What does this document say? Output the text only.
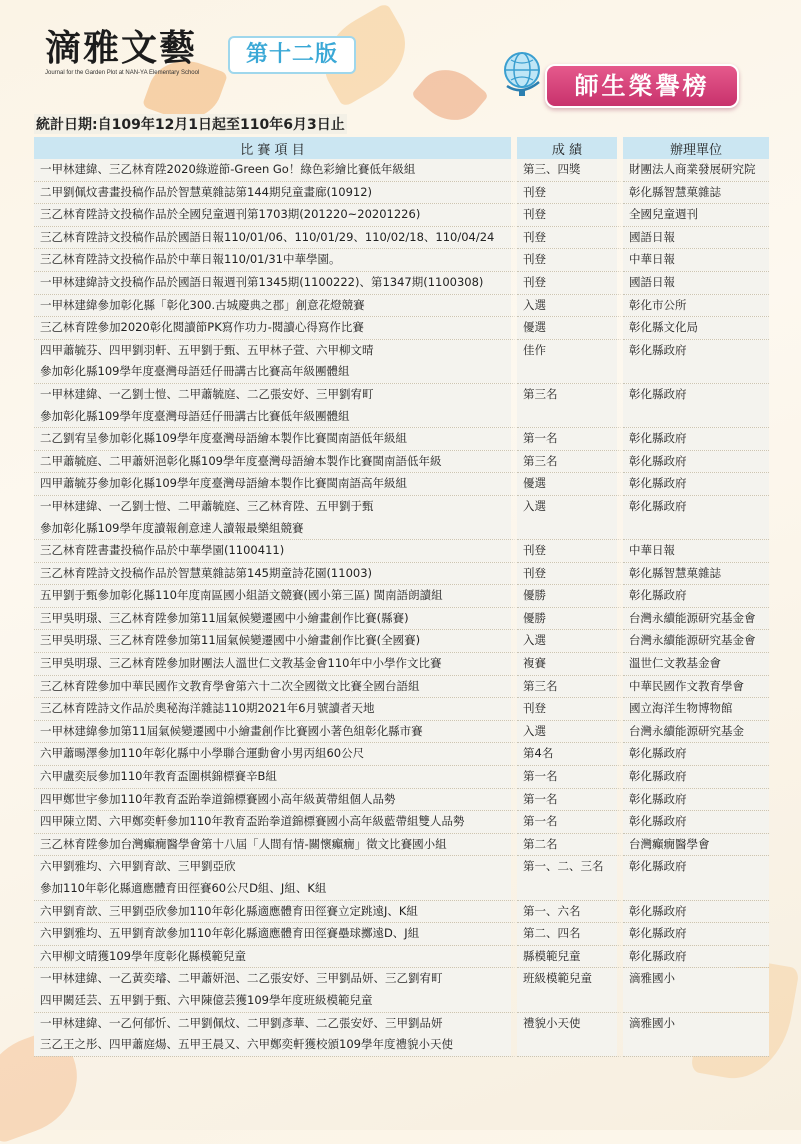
滴雅文藝
Journal for the Garden Plot at NAN-YA Elementary School
第十二版
師生榮譽榜
統計日期:自109年12月1日起至110年6月3日止
比 賽 項 目	成 績	辦理單位
一甲林建緯、三乙林育陞2020綠遊節-Green Go！綠色彩繪比賽低年級組	第三、四獎	財團法人商業發展研究院
二甲劉佩炆書畫投稿作品於智慧菓雜誌第144期兒童畫廊(10912)	刊登	彰化縣智慧菓雜誌
三乙林育陞詩文投稿作品於全國兒童週刊第1703期(201220~20201226)	刊登	全國兒童週刊
三乙林育陞詩文投稿作品於國語日報110/01/06、110/01/29、110/02/18、110/04/24	刊登	國語日報
三乙林育陞詩文投稿作品於中華日報110/01/31中華學園。	刊登	中華日報
一甲林建緯詩文投稿作品於國語日報週刊第1345期(1100222)、第1347期(1100308)	刊登	國語日報
一甲林建緯參加彰化縣「彰化300.古城慶典之郡」創意花燈競賽	入選	彰化市公所
三乙林育陞參加2020彰化閱讀節PK寫作功力-閱讀心得寫作比賽	優選	彰化縣文化局
四甲蕭毓芬、四甲劉羽軒、五甲劉于甄、五甲林子萱、六甲柳文晴	佳作	彰化縣政府
參加彰化縣109學年度臺灣母語廷仔冊講古比賽高年級團體組		
一甲林建緯、一乙劉士愷、二甲蕭毓庭、二乙張安妤、三甲劉宥町	第三名	彰化縣政府
參加彰化縣109學年度臺灣母語廷仔冊講古比賽低年級團體組		
二乙劉宥呈參加彰化縣109學年度臺灣母語繪本製作比賽閩南語低年級組	第一名	彰化縣政府
二甲蕭毓庭、二甲蕭妍浥彰化縣109學年度臺灣母語繪本製作比賽閩南語低年級	第三名	彰化縣政府
四甲蕭毓芬參加彰化縣109學年度臺灣母語繪本製作比賽閩南語高年級組	優選	彰化縣政府
一甲林建緯、一乙劉士愷、二甲蕭毓庭、三乙林育陞、五甲劉于甄	入選	彰化縣政府
參加彰化縣109學年度讀報創意達人讀報最樂組競賽		
三乙林育陞書畫投稿作品於中華學園(1100411)	刊登	中華日報
三乙林育陞詩文投稿作品於智慧菓雜誌第145期童詩花園(11003)	刊登	彰化縣智慧菓雜誌
五甲劉于甄參加彰化縣110年度南區國小組語文競賽(國小第三區) 閩南語朗讀組	優勝	彰化縣政府
三甲吳明璟、三乙林育陞參加第11屆氣候變遷國中小繪畫創作比賽(縣賽)	優勝	台灣永續能源研究基金會
三甲吳明璟、三乙林育陞參加第11屆氣候變遷國中小繪畫創作比賽(全國賽)	入選	台灣永續能源研究基金會
三甲吳明璟、三乙林育陞參加財團法人溫世仁文教基金會110年中小學作文比賽	複賽	溫世仁文教基金會
三乙林育陞參加中華民國作文教育學會第六十二次全國徵文比賽全國台語組	第三名	中華民國作文教育學會
三乙林育陞詩文作品於奧秘海洋雜誌110期2021年6月號讀者天地	刊登	國立海洋生物博物館
一甲林建緯參加第11屆氣候變遷國中小繪畫創作比賽國小著色組彰化縣市賽	入選	台灣永續能源研究基金
六甲蕭暘澤參加110年彰化縣中小學聯合運動會小男丙組60公尺	第4名	彰化縣政府
六甲盧奕辰參加110年教育盃圍棋錦標賽辛B組	第一名	彰化縣政府
四甲鄭世宇參加110年教育盃跆拳道錦標賽國小高年級黃帶組個人品勢	第一名	彰化縣政府
四甲陳立閎、六甲鄭奕軒參加110年教育盃跆拳道錦標賽國小高年級藍帶組雙人品勢	第一名	彰化縣政府
三乙林育陞參加台灣癲癇醫學會第十八屆「人間有情-關懷癲癇」徵文比賽國小組	第二名	台灣癲癇醫學會
六甲劉雅均、六甲劉育歆、三甲劉亞欣	第一、二、三名	彰化縣政府
參加110年彰化縣適應體育田徑賽60公尺D組、J組、K組		
六甲劉育歆、三甲劉亞欣參加110年彰化縣適應體育田徑賽立定跳遠J、K組	第一、六名	彰化縣政府
六甲劉雅均、五甲劉育歆參加110年彰化縣適應體育田徑賽壘球擲遠D、J組	第二、四名	彰化縣政府
六甲柳文晴獲109學年度彰化縣模範兒童	縣模範兒童	彰化縣政府
一甲林建緯、一乙黃奕璿、二甲蕭妍浥、二乙張安妤、三甲劉品妍、三乙劉宥町	班級模範兒童	滴雅國小
四甲闕廷芸、五甲劉于甄、六甲陳億芸獲109學年度班級模範兒童		
一甲林建緯、一乙何郁忻、二甲劉佩炆、二甲劉彥華、二乙張安妤、三甲劉品妍	禮貌小天使	滴雅國小
三乙王之彤、四甲蕭庭煬、五甲王晨又、六甲鄭奕軒獲校頒109學年度禮貌小天使		
